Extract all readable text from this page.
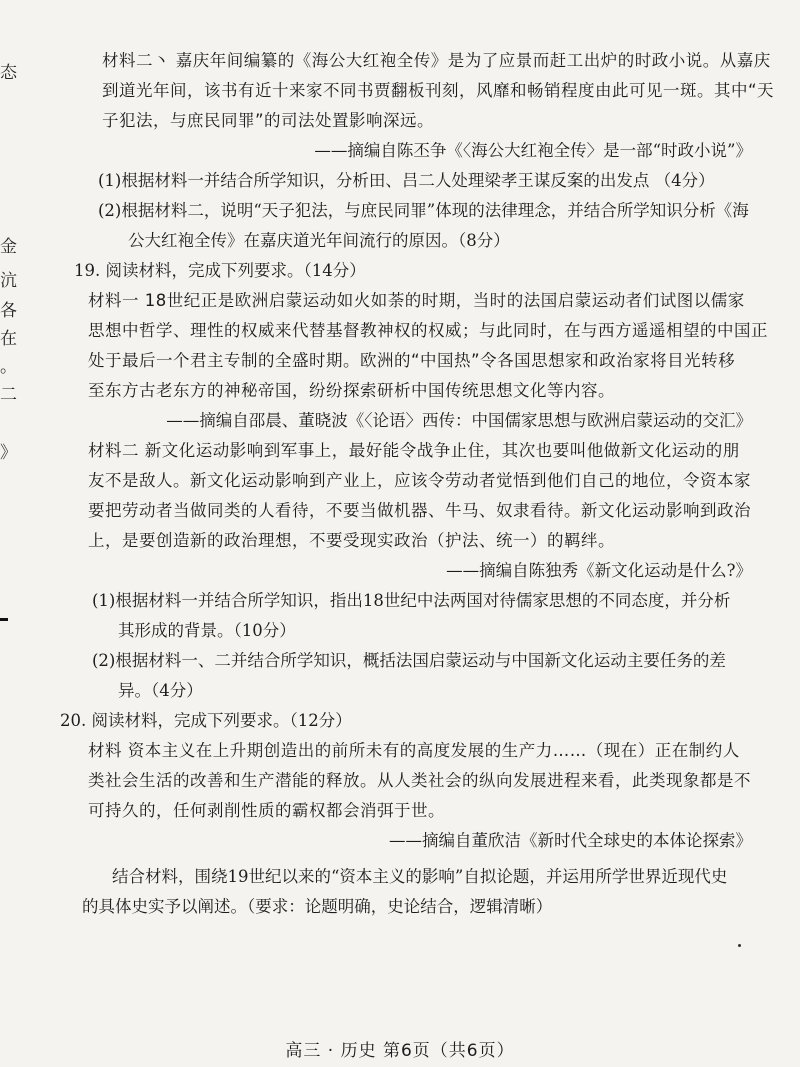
态
金
沆
各
在
。
二
》
材料二丶 嘉庆年间编纂的《海公大红袍全传》是为了应景而赶工出炉的时政小说。从嘉庆
到道光年间，该书有近十来家不同书贾翻板刊刻，风靡和畅销程度由此可见一斑。其中“天
子犯法，与庶民同罪”的司法处置影响深远。
——摘编自陈丕争《〈海公大红袍全传〉是一部“时政小说”》
(1)根据材料一并结合所学知识，分析田、吕二人处理梁孝王谋反案的出发点 （4分）
(2)根据材料二，说明“天子犯法，与庶民同罪”体现的法律理念，并结合所学知识分析《海
公大红袍全传》在嘉庆道光年间流行的原因。（8分）
19. 阅读材料，完成下列要求。（14分）
材料一 18世纪正是欧洲启蒙运动如火如荼的时期，当时的法国启蒙运动者们试图以儒家
思想中哲学、理性的权威来代替基督教神权的权威；与此同时，在与西方遥遥相望的中国正
处于最后一个君主专制的全盛时期。欧洲的“中国热”令各国思想家和政治家将目光转移
至东方古老东方的神秘帝国，纷纷探索研析中国传统思想文化等内容。
——摘编自邵晨、董晓波《〈论语〉西传：中国儒家思想与欧洲启蒙运动的交汇》
材料二 新文化运动影响到军事上，最好能令战争止住，其次也要叫他做新文化运动的朋
友不是敌人。新文化运动影响到产业上，应该令劳动者觉悟到他们自己的地位，令资本家
要把劳动者当做同类的人看待，不要当做机器、牛马、奴隶看待。新文化运动影响到政治
上，是要创造新的政治理想，不要受现实政治（护法、统一）的羁绊。
——摘编自陈独秀《新文化运动是什么?》
(1)根据材料一并结合所学知识，指出18世纪中法两国对待儒家思想的不同态度，并分析
其形成的背景。（10分）
(2)根据材料一、二并结合所学知识，概括法国启蒙运动与中国新文化运动主要任务的差
异。（4分）
20. 阅读材料，完成下列要求。（12分）
材料 资本主义在上升期创造出的前所未有的高度发展的生产力……（现在）正在制约人
类社会生活的改善和生产潜能的释放。从人类社会的纵向发展进程来看，此类现象都是不
可持久的，任何剥削性质的霸权都会消弭于世。
——摘编自董欣洁《新时代全球史的本体论探索》
结合材料，围绕19世纪以来的“资本主义的影响”自拟论题，并运用所学世界近现代史
的具体史实予以阐述。（要求：论题明确，史论结合，逻辑清晰）
高三 · 历史 第6页（共6页）
